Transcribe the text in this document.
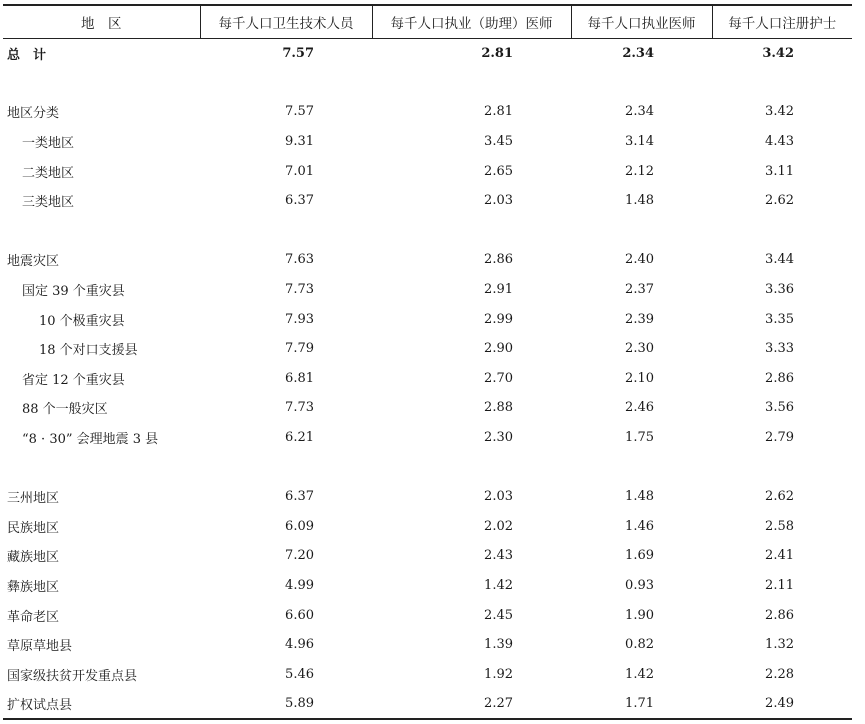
地　区	每千人口卫生技术人员	每千人口执业（助理）医师	每千人口执业医师	每千人口注册护士
总　计	7.57	2.81	2.34	3.42

地区分类	7.57	2.81	2.34	3.42
一类地区	9.31	3.45	3.14	4.43
二类地区	7.01	2.65	2.12	3.11
三类地区	6.37	2.03	1.48	2.62

地震灾区	7.63	2.86	2.40	3.44
国定 39 个重灾县	7.73	2.91	2.37	3.36
10 个极重灾县	7.93	2.99	2.39	3.35
18 个对口支援县	7.79	2.90	2.30	3.33
省定 12 个重灾县	6.81	2.70	2.10	2.86
88 个一般灾区	7.73	2.88	2.46	3.56
“8 · 30” 会理地震 3 县	6.21	2.30	1.75	2.79

三州地区	6.37	2.03	1.48	2.62
民族地区	6.09	2.02	1.46	2.58
藏族地区	7.20	2.43	1.69	2.41
彝族地区	4.99	1.42	0.93	2.11
革命老区	6.60	2.45	1.90	2.86
草原草地县	4.96	1.39	0.82	1.32
国家级扶贫开发重点县	5.46	1.92	1.42	2.28
扩权试点县	5.89	2.27	1.71	2.49
